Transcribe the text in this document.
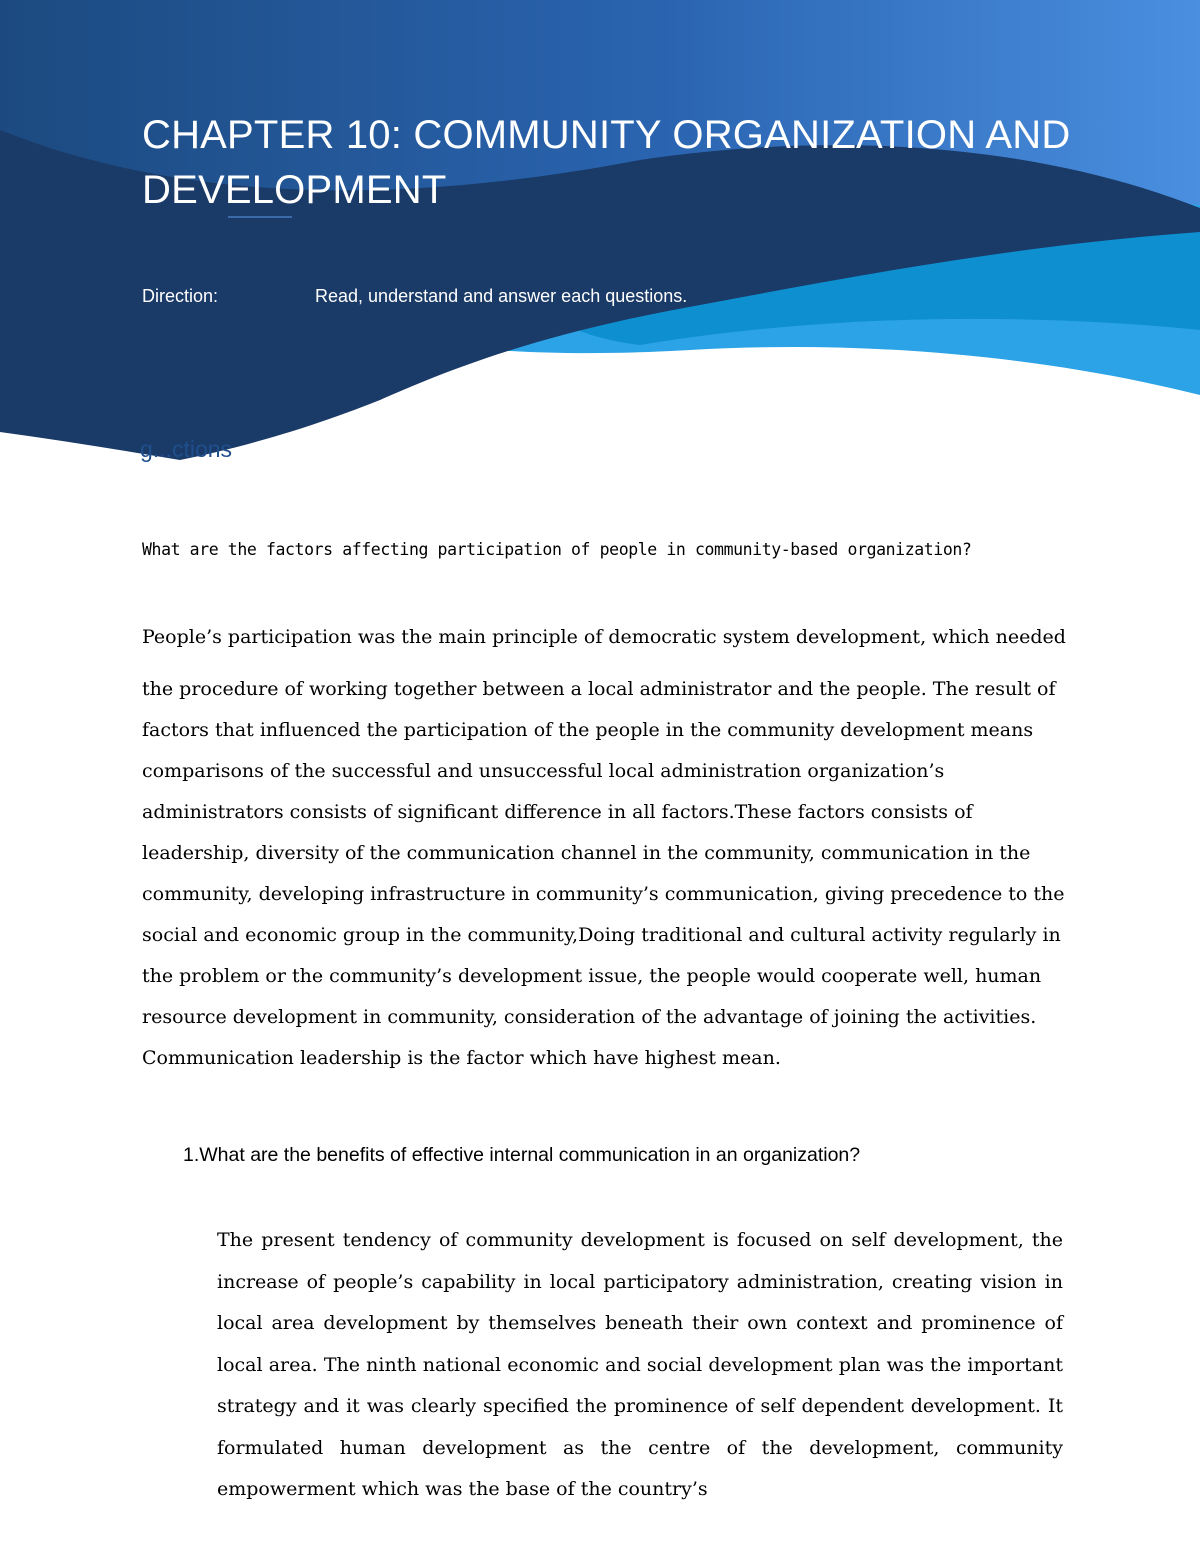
CHAPTER 10: COMMUNITY ORGANIZATION AND DEVELOPMENT
Direction:	Read, understand and answer each questions.
g...ctions
What are the factors affecting participation of people in community-based organization?
People’s participation was the main principle of democratic system development, which needed
the procedure of working together between a local administrator and the people. The result of factors that influenced the participation of the people in the community development means comparisons of the successful and unsuccessful local administration organization’s administrators consists of significant difference in all factors.These factors consists of leadership, diversity of the communication channel in the community, communication in the community, developing infrastructure in community’s communication, giving precedence to the social and economic group in the community,Doing traditional and cultural activity regularly in the problem or the community’s development issue, the people would cooperate well, human resource development in community, consideration of the advantage of joining the activities. Communication leadership is the factor which have highest mean.
1.What are the benefits of effective internal communication in an organization?

The present tendency of community development is focused on self development, the increase of people’s capability in local participatory administration, creating vision in local area development by themselves beneath their own context and prominence of local area. The ninth national economic and social development plan was the important strategy and it was clearly specified the prominence of self dependent development. It formulated human development as the centre of the development, community empowerment which was the base of the country’s
